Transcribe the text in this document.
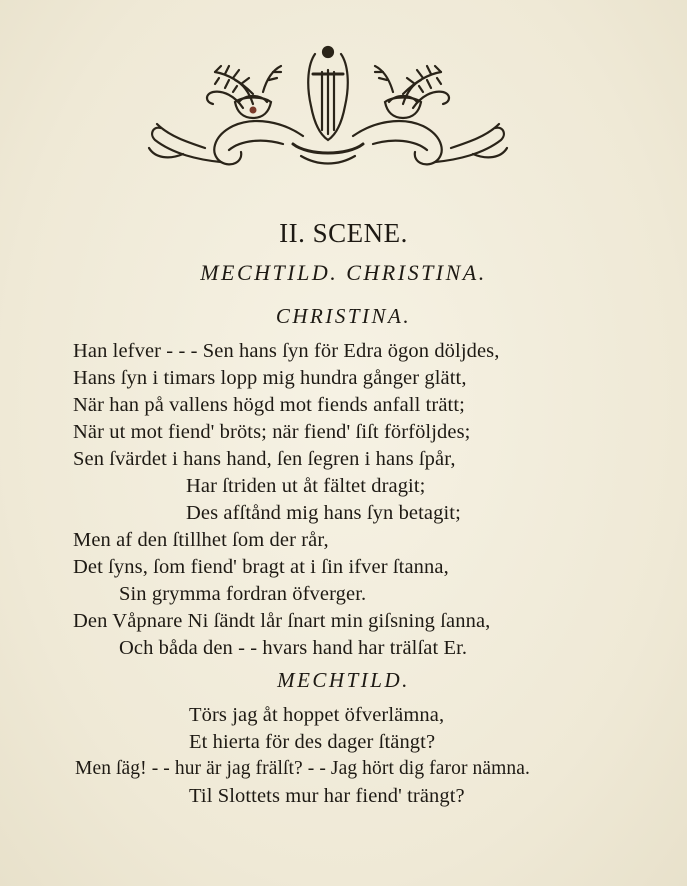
II. SCENE.
MECHTILD. CHRISTINA.
CHRISTINA.
Han lefver - - - Sen hans ſyn för Edra ögon döljdes,
Hans ſyn i timars lopp mig hundra gånger glätt,
När han på vallens högd mot fiends anfall trätt;
När ut mot fiend' bröts; när fiend' ſiſt förföljdes;
Sen ſvärdet i hans hand, ſen ſegren i hans ſpår,
Har ſtriden ut åt fältet dragit;
Des afſtånd mig hans ſyn betagit;
Men af den ſtillhet ſom der rår,
Det ſyns, ſom fiend' bragt at i ſin ifver ſtanna,
Sin grymma fordran öfverger.
Den Våpnare Ni ſändt lår ſnart min giſsning ſanna,
Och båda den - - hvars hand har trälſat Er.
MECHTILD.
Törs jag åt hoppet öfverlämna,
Et hierta för des dager ſtängt?
Men ſäg! - - hur är jag frälſt? - - Jag hört dig faror nämna.
Til Slottets mur har fiend' trängt?
